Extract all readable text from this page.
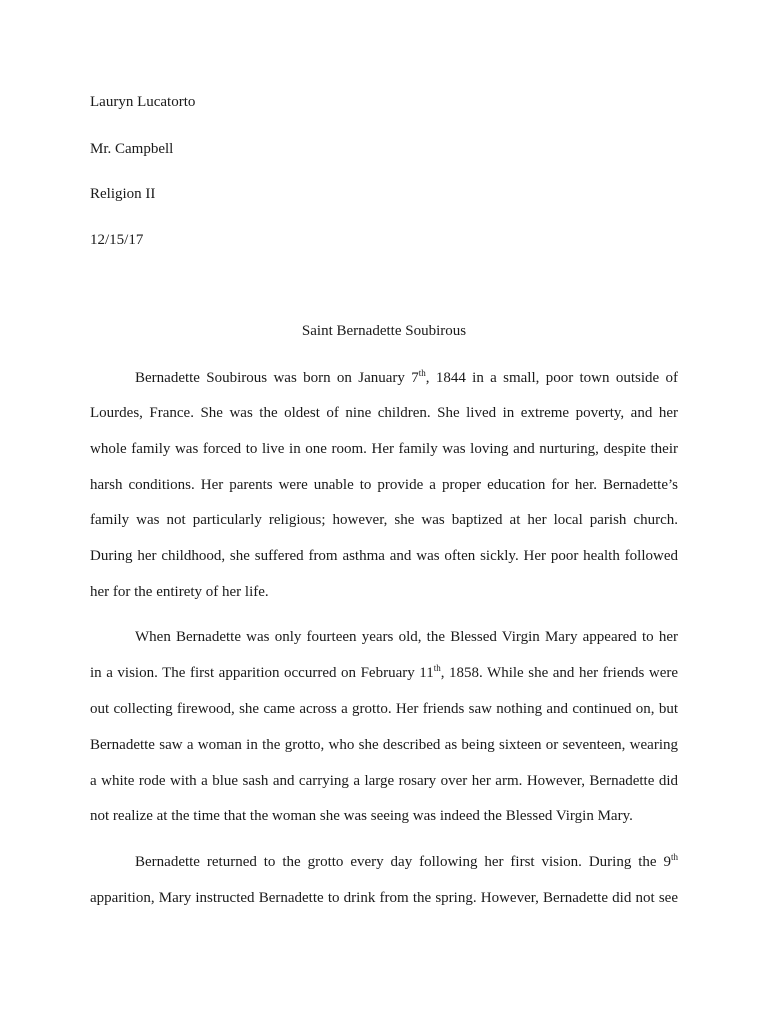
Lauryn Lucatorto
Mr. Campbell
Religion II
12/15/17
Saint Bernadette Soubirous
Bernadette Soubirous was born on January 7th, 1844 in a small, poor town outside of
Lourdes, France. She was the oldest of nine children. She lived in extreme poverty, and her
whole family was forced to live in one room. Her family was loving and nurturing, despite their
harsh conditions. Her parents were unable to provide a proper education for her. Bernadette’s
family was not particularly religious; however, she was baptized at her local parish church.
During her childhood, she suffered from asthma and was often sickly. Her poor health followed
her for the entirety of her life.
When Bernadette was only fourteen years old, the Blessed Virgin Mary appeared to her
in a vision. The first apparition occurred on February 11th, 1858. While she and her friends were
out collecting firewood, she came across a grotto. Her friends saw nothing and continued on, but
Bernadette saw a woman in the grotto, who she described as being sixteen or seventeen, wearing
a white rode with a blue sash and carrying a large rosary over her arm. However, Bernadette did
not realize at the time that the woman she was seeing was indeed the Blessed Virgin Mary.
Bernadette returned to the grotto every day following her first vision. During the 9th
apparition, Mary instructed Bernadette to drink from the spring. However, Bernadette did not see
